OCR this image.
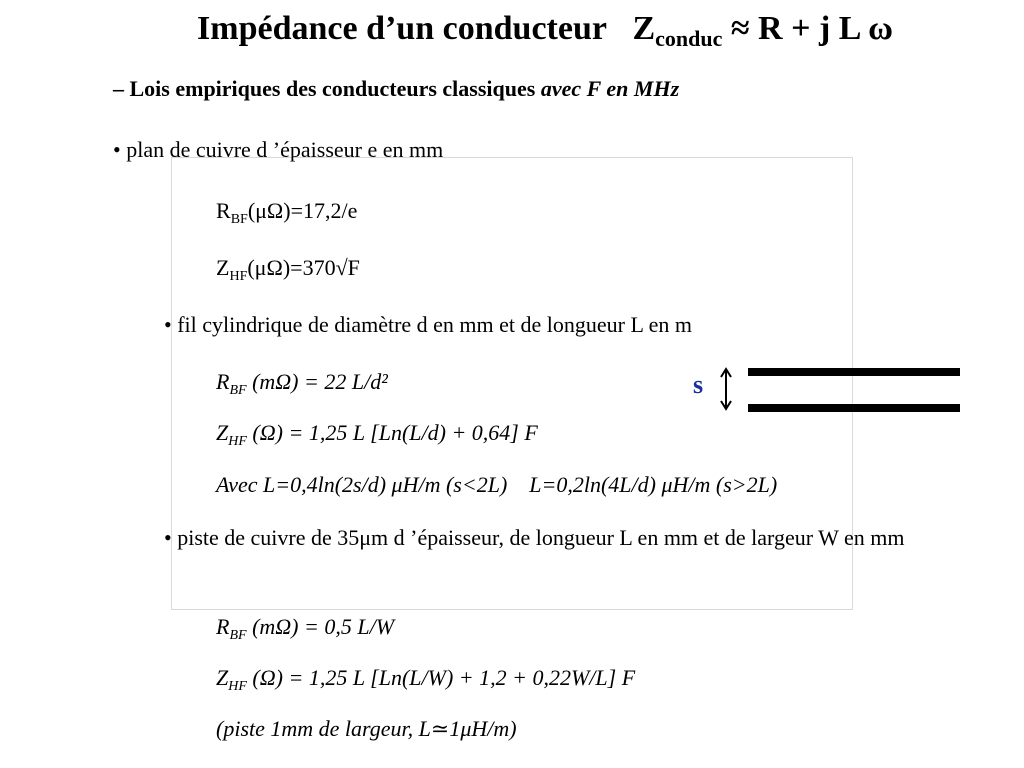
Impédance d’un conducteur $Z_{conduc} \approx R + j$ L ω
– Lois empiriques des conducteurs classiques avec F en MHz
• plan de cuivre d ’épaisseur e en mm
$R_{BF}(\mu\Omega)=17,2/e$
$Z_{HF}(\mu\Omega)=370√F$
• fil cylindrique de diamètre d en mm et de longueur L en m
$R_{BF}$ (mΩ) = 22 L/d²
$Z_{HF}$ (Ω) = 1,25 L [Ln(L/d) + 0,64] F
Avec L=0,4ln(2s/d) μH/m (s<2L) L=0,2ln(4L/d) μH/m (s>2L)
s
• piste de cuivre de 35μm d ’épaisseur, de longueur L en mm et de largeur W en mm
$R_{BF}$ (mΩ) = 0,5 L/W
$Z_{HF}$ (Ω) = 1,25 L [Ln(L/W) + 1,2 + 0,22W/L] F
(piste 1mm de largeur, L≃1μH/m)
